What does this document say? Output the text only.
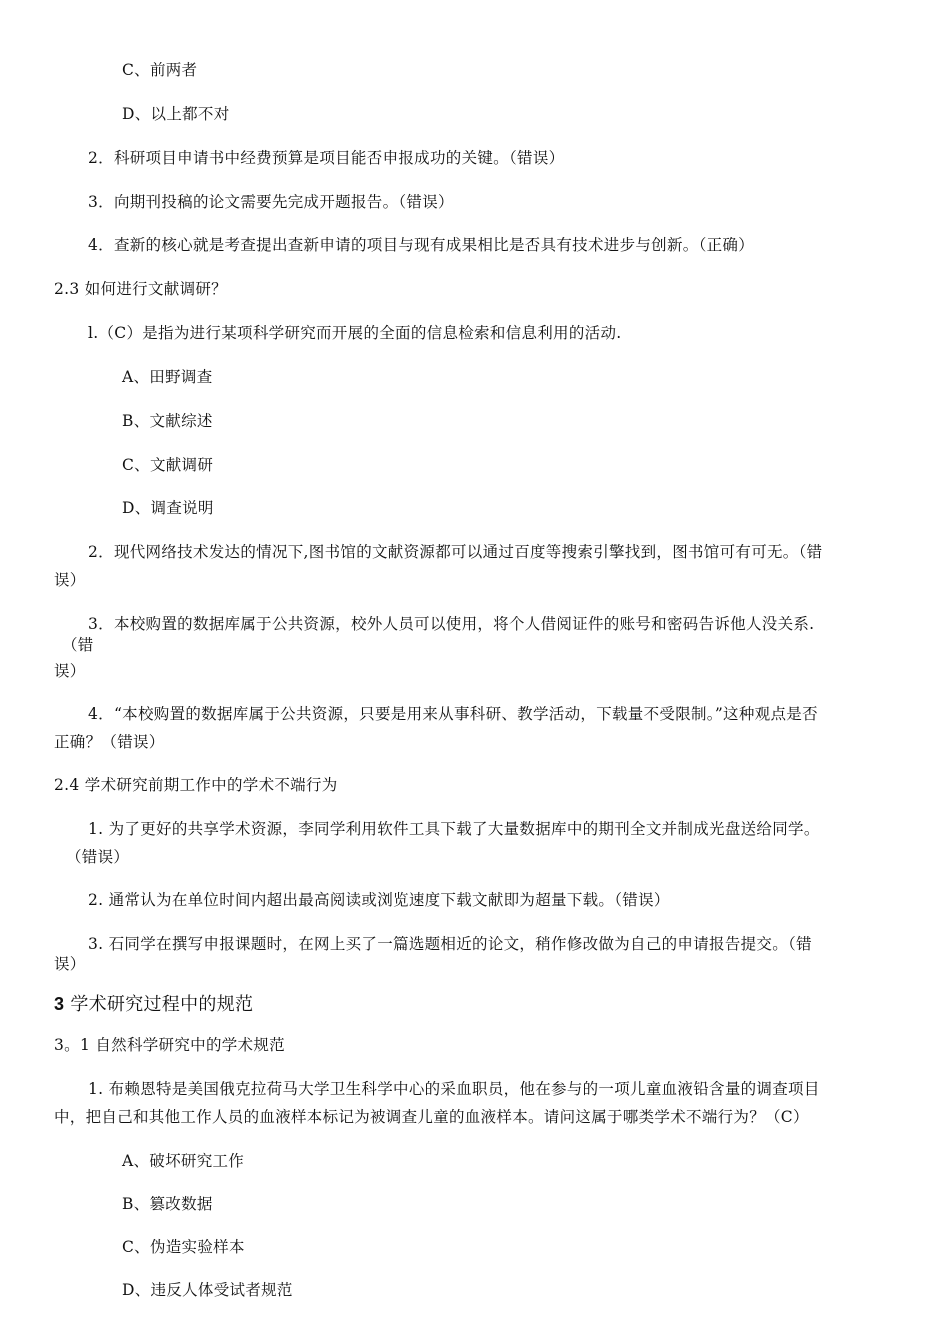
C、前两者
D、以上都不对
2．科研项目申请书中经费预算是项目能否申报成功的关键。（错误）
3．向期刊投稿的论文需要先完成开题报告。（错误）
4．查新的核心就是考查提出查新申请的项目与现有成果相比是否具有技术进步与创新。（正确）
2.3 如何进行文献调研？
l.（C）是指为进行某项科学研究而开展的全面的信息检索和信息利用的活动.
A、田野调查
B、文献综述
C、文献调研
D、调查说明
2．现代网络技术发达的情况下,图书馆的文献资源都可以通过百度等搜索引擎找到，图书馆可有可无。（错
误）
3．本校购置的数据库属于公共资源，校外人员可以使用，将个人借阅证件的账号和密码告诉他人没关系.
（错
误）
4．“本校购置的数据库属于公共资源，只要是用来从事科研、教学活动，下载量不受限制。”这种观点是否
正确？（错误）
2.4 学术研究前期工作中的学术不端行为
1. 为了更好的共享学术资源，李同学利用软件工具下载了大量数据库中的期刊全文并制成光盘送给同学。
（错误）
2. 通常认为在单位时间内超出最高阅读或浏览速度下载文献即为超量下载。（错误）
3. 石同学在撰写申报课题时，在网上买了一篇选题相近的论文，稍作修改做为自己的申请报告提交。（错
误）
3 学术研究过程中的规范
3。1 自然科学研究中的学术规范
1. 布赖恩特是美国俄克拉荷马大学卫生科学中心的采血职员，他在参与的一项儿童血液铅含量的调查项目
中，把自己和其他工作人员的血液样本标记为被调查儿童的血液样本。请问这属于哪类学术不端行为？（C）
A、破坏研究工作
B、篡改数据
C、伪造实验样本
D、违反人体受试者规范
